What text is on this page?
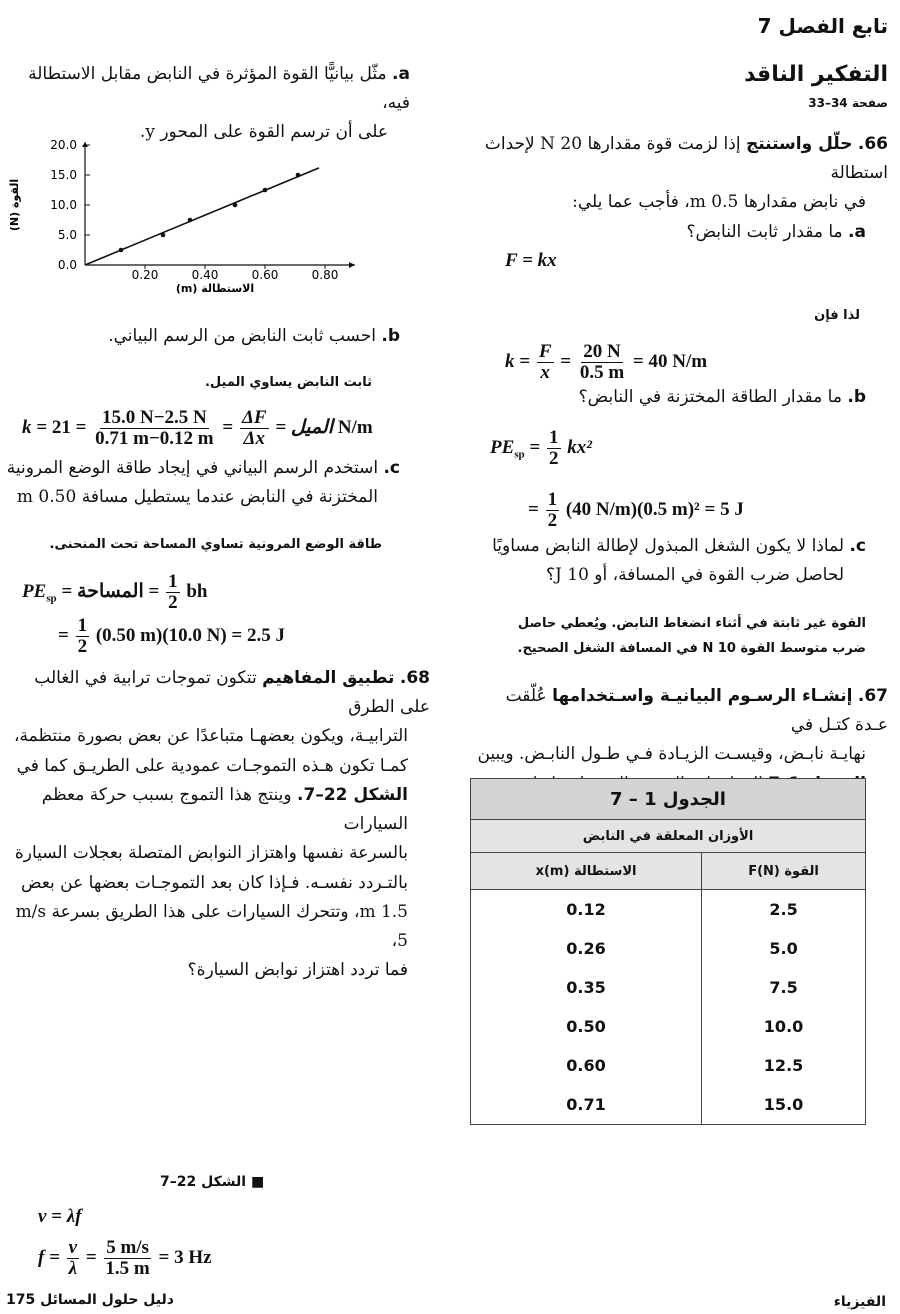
تابع الفصل 7
التفكير الناقد
صفحة 34–33
66. حلّل واستنتج إذا لزمت قوة مقدارها N 20 لإحداث استطالة
في نابض مقدارها m 0.5، فأجب عما يلي:
a. ما مقدار ثابت النابض؟
F = kx
لذا فإن
$k = \frac{F}{x} = \frac{20 N}{0.5 m} = 40$ N/m
b. ما مقدار الطاقة المختزنة في النابض؟
$PE_{sp} = \frac{1}{2} kx^2$
= $\frac{1}{2} (40$ N/m)(0.5 m)² = 5 J
c. لماذا لا يكون الشغل المبذول لإطالة النابض مساويًا
لحاصل ضرب القوة في المسافة، أو J 10؟
القوة غير ثابتة في أثناء انضغاط النابض. ويُعطي حاصل
ضرب متوسط القوة N 10 في المسافة الشغل الصحيح.
67. إنشـاء الرسـوم البيانيـة واسـتخدامها عُلّقت عـدة كتـل في
نهايـة نابـض، وقيسـت الزيـادة فـي طـول النابـض. ويبين
الجدول 1 – 7	
الأوزان المعلقة في النابض	
القوة F(N)	الاستطالة x(m)
2.5	0.12
5.0	0.26
7.5	0.35
10.0	0.50
12.5	0.60
15.0	0.71
a. مثّل بيانيًّا القوة المؤثرة في النابض مقابل الاستطالة فيه،
على أن ترسم القوة على المحور y.
0.0
5.0
10.0
15.0
20.0
0.20	0.40	0.60	0.80
الاستطالة (m)
القوة (N)
b. احسب ثابت النابض من الرسم البياني.
ثابت النابض يساوي الميل.
k = الميل =
$\frac{\Delta F}{\Delta x}$
=
$\frac{15.0 N-2.5 N}{0.71 m-0.12 m}$
= 21 N/m
c. استخدم الرسم البياني في إيجاد طاقة الوضع المرونية
المختزنة في النابض عندما يستطيل مسافة m 0.50
طاقة الوضع المرونية تساوي المساحة تحت المنحنى.
$PE_{sp}$ = المساحة = $\frac{1}{2}$ bh
= $\frac{1}{2} (0.50$ m)(10.0 N) = 2.5 J
68. تطبيق المفاهيم تتكون تموجات ترابية في الغالب على الطرق
الترابيـة، ويكون بعضهـا متباعدًا عن بعض بصورة منتظمة،
كمـا تكون هـذه التموجـات عمودية على الطريـق كما في
الشكل 22–7. وينتج هذا التموج بسبب حركة معظم السيارات
بالسرعة نفسها واهتزاز النوابض المتصلة بعجلات السيارة
بالتـردد نفسـه. فـإذا كان بعد التموجـات بعضها عن بعض
m 1.5، وتتحرك السيارات على هذا الطريق بسرعة m/s 5،
فما تردد اهتزاز نوابض السيارة؟
■ الشكل 22–7
v = λf
$f = \frac{v}{\lambda} = \frac{5 m/s}{1.5 m} = 3$ Hz
دليل حلول المسائل 175	الفيزياء
